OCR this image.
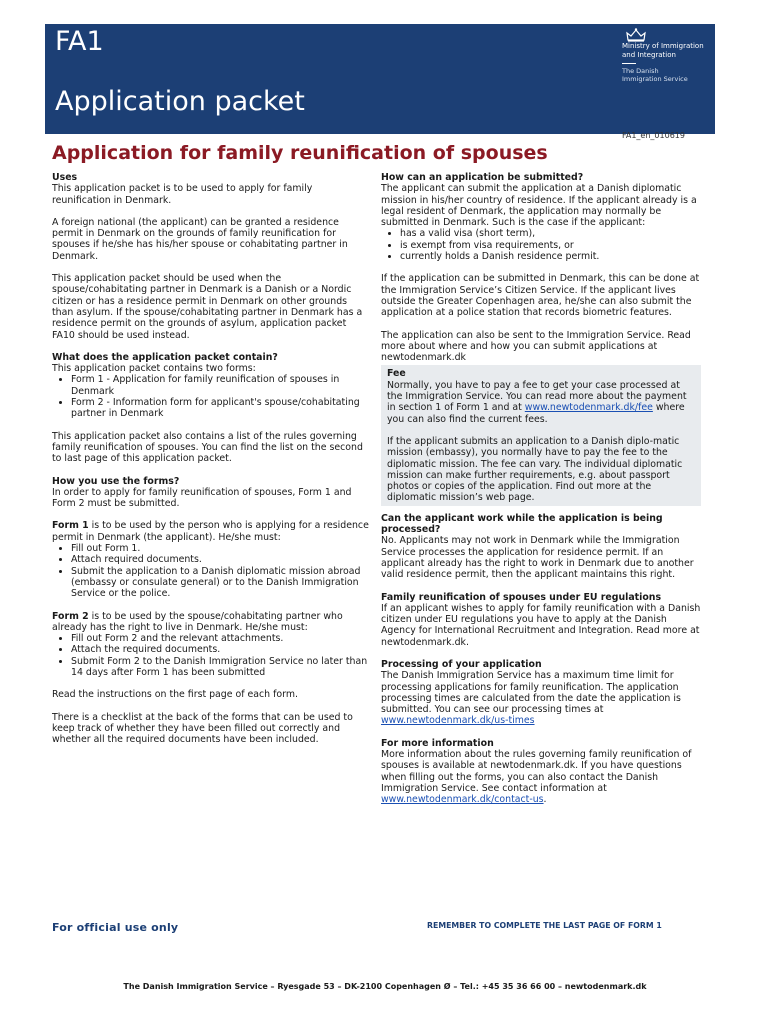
FA1
Application packet
Ministry of Immigration
and Integration
The Danish
Immigration Service
FA1_en_010619
Application for family reunification of spouses
Uses

This application packet is to be used to apply for family reunification in Denmark.

A foreign national (the applicant) can be granted a residence permit in Denmark on the grounds of family reunification for spouses if he/she has his/her spouse or cohabitating partner in Denmark.

This application packet should be used when the spouse/cohabitating partner in Denmark is a Danish or a Nordic citizen or has a residence permit in Denmark on other grounds than asylum. If the spouse/cohabitating partner in Denmark has a residence permit on the grounds of asylum, application packet FA10 should be used instead.

What does the application packet contain?
This application packet contains two forms:
• Form 1 - Application for family reunification of spouses in Denmark
• Form 2 - Information form for applicant's spouse/cohabitating partner in Denmark

This application packet also contains a list of the rules governing family reunification of spouses. You can find the list on the second to last page of this application packet.

How you use the forms?

In order to apply for family reunification of spouses, Form 1 and Form 2 must be submitted.

Form 1 is to be used by the person who is applying for a residence permit in Denmark (the applicant). He/she must:
• Fill out Form 1.
• Attach required documents.
• Submit the application to a Danish diplomatic mission abroad (embassy or consulate general) or to the Danish Immigration Service or the police.
Form 2 is to be used by the spouse/cohabitating partner who already has the right to live in Denmark. He/she must:
• Fill out Form 2 and the relevant attachments.
• Attach the required documents.
• Submit Form 2 to the Danish Immigration Service no later than 14 days after Form 1 has been submitted

Read the instructions on the first page of each form.

There is a checklist at the back of the forms that can be used to keep track of whether they have been filled out correctly and whether all the required documents have been included.

How can an application be submitted?
The applicant can submit the application at a Danish diplomatic mission in his/her country of residence. If the applicant already is a legal resident of Denmark, the application may normally be submitted in Denmark. Such is the case if the applicant:
• has a valid visa (short term),
• is exempt from visa requirements, or
• currently holds a Danish residence permit.

If the application can be submitted in Denmark, this can be done at the Immigration Service’s Citizen Service. If the applicant lives outside the Greater Copenhagen area, he/she can also submit the application at a police station that records biometric features.

The application can also be sent to the Immigration Service. Read more about where and how you can submit applications at newtodenmark.dk

Fee

Normally, you have to pay a fee to get your case processed at the Immigration Service. You can read more about the payment in section 1 of Form 1 and at www.newtodenmark.dk/fee where you can also find the current fees.

If the applicant submits an application to a Danish diplo-matic mission (embassy), you normally have to pay the fee to the diplomatic mission. The fee can vary. The individual diplomatic mission can make further requirements, e.g. about passport photos or copies of the application. Find out more at the diplomatic mission’s web page.

Can the applicant work while the application is being processed?

No. Applicants may not work in Denmark while the Immigration Service processes the application for residence permit. If an applicant already has the right to work in Denmark due to another valid residence permit, then the applicant maintains this right.

Family reunification of spouses under EU regulations

If an applicant wishes to apply for family reunification with a Danish citizen under EU regulations you have to apply at the Danish Agency for International Recruitment and Integration. Read more at newtodenmark.dk.

Processing of your application

The Danish Immigration Service has a maximum time limit for processing applications for family reunification. The application processing times are calculated from the date the application is submitted. You can see our processing times at www.newtodenmark.dk/us-times

For more information

More information about the rules governing family reunification of spouses is available at newtodenmark.dk. If you have questions when filling out the forms, you can also contact the Danish Immigration Service. See contact information at www.newtodenmark.dk/contact-us.

For official use only	REMEMBER TO COMPLETE THE LAST PAGE OF FORM 1
The Danish Immigration Service – Ryesgade 53 – DK-2100 Copenhagen Ø – Tel.: +45 35 36 66 00 – newtodenmark.dk
